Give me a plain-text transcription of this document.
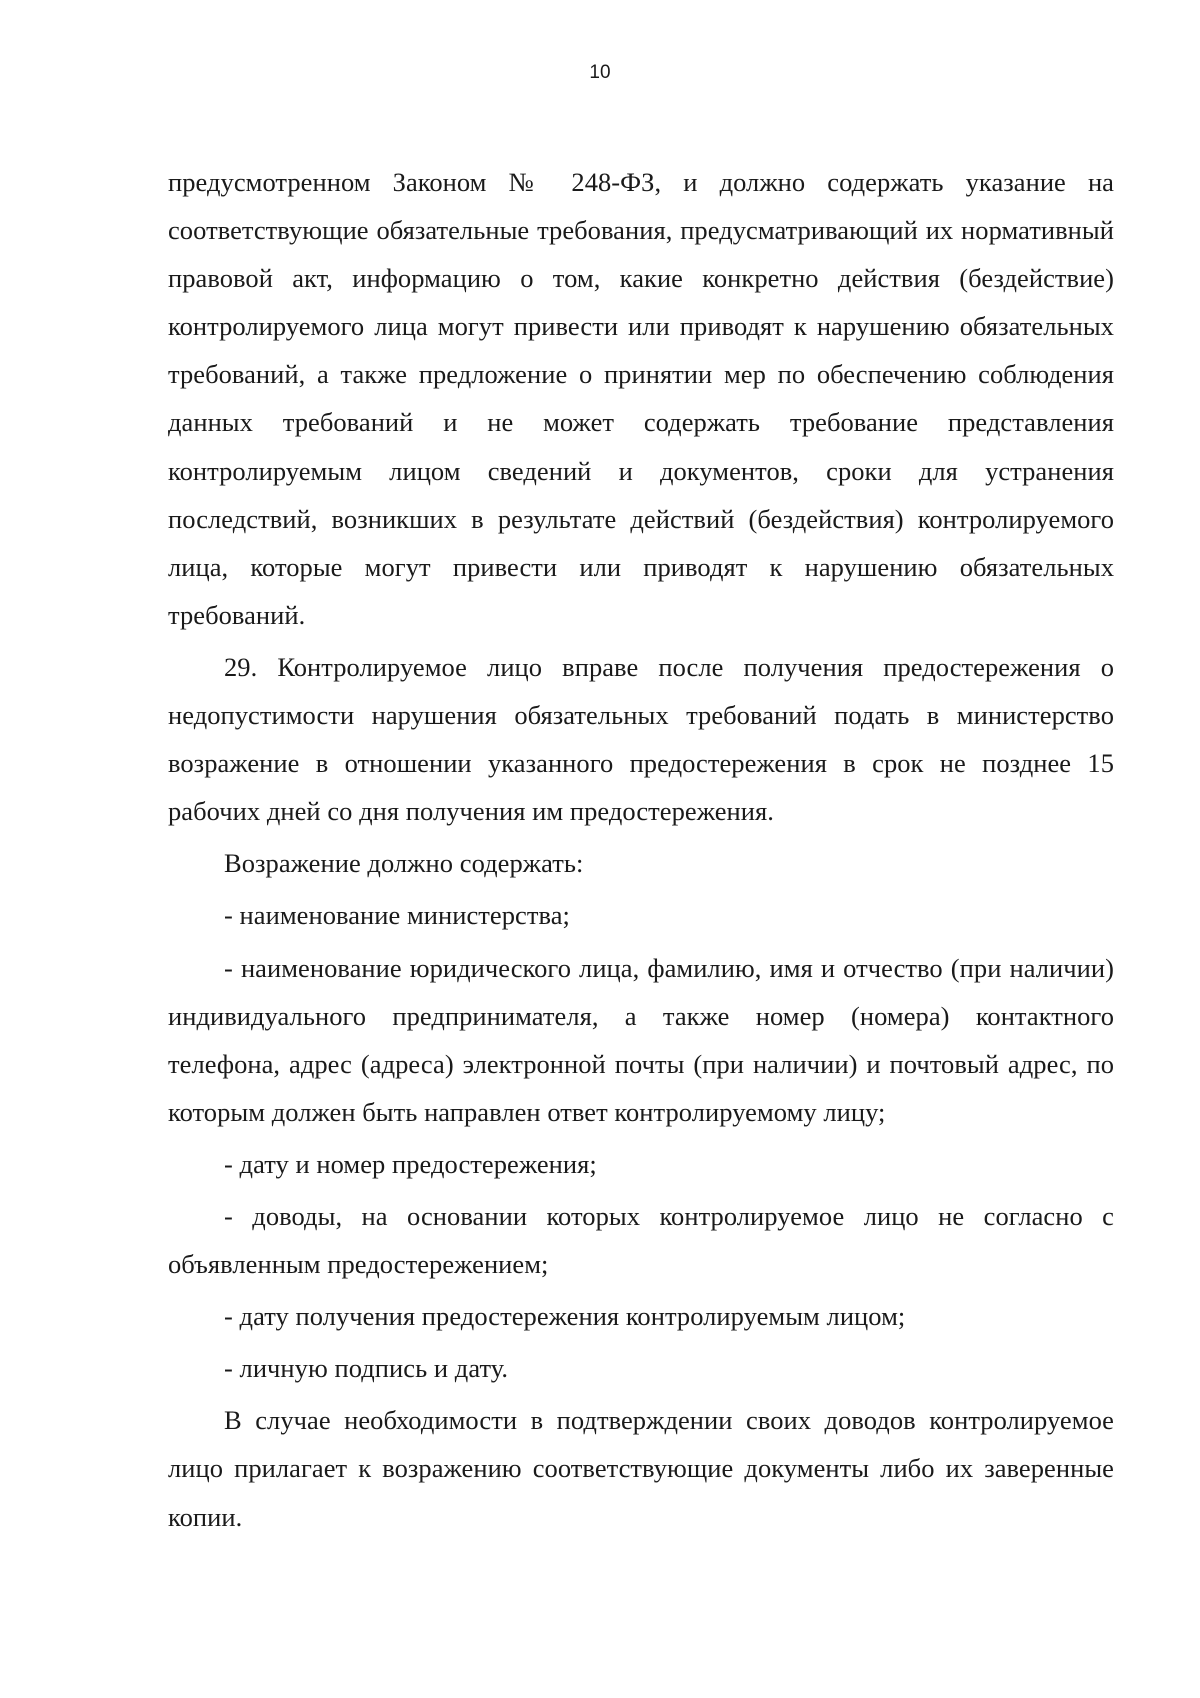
10

предусмотренном Законом № 248-ФЗ, и должно содержать указание на соответствующие обязательные требования, предусматривающий их нормативный правовой акт, информацию о том, какие конкретно действия (бездействие) контролируемого лица могут привести или приводят к нарушению обязательных требований, а также предложение о принятии мер по обеспечению соблюдения данных требований и не может содержать требование представления контролируемым лицом сведений и документов, сроки для устранения последствий, возникших в результате действий (бездействия) контролируемого лица, которые могут привести или приводят к нарушению обязательных требований.

29. Контролируемое лицо вправе после получения предостережения о недопустимости нарушения обязательных требований подать в министерство возражение в отношении указанного предостережения в срок не позднее 15 рабочих дней со дня получения им предостережения.

Возражение должно содержать:

- наименование министерства;

- наименование юридического лица, фамилию, имя и отчество (при наличии) индивидуального предпринимателя, а также номер (номера) контактного телефона, адрес (адреса) электронной почты (при наличии) и почтовый адрес, по которым должен быть направлен ответ контролируемому лицу;

- дату и номер предостережения;

- доводы, на основании которых контролируемое лицо не согласно с объявленным предостережением;

- дату получения предостережения контролируемым лицом;

- личную подпись и дату.

В случае необходимости в подтверждении своих доводов контролируемое лицо прилагает к возражению соответствующие документы либо их заверенные копии.
